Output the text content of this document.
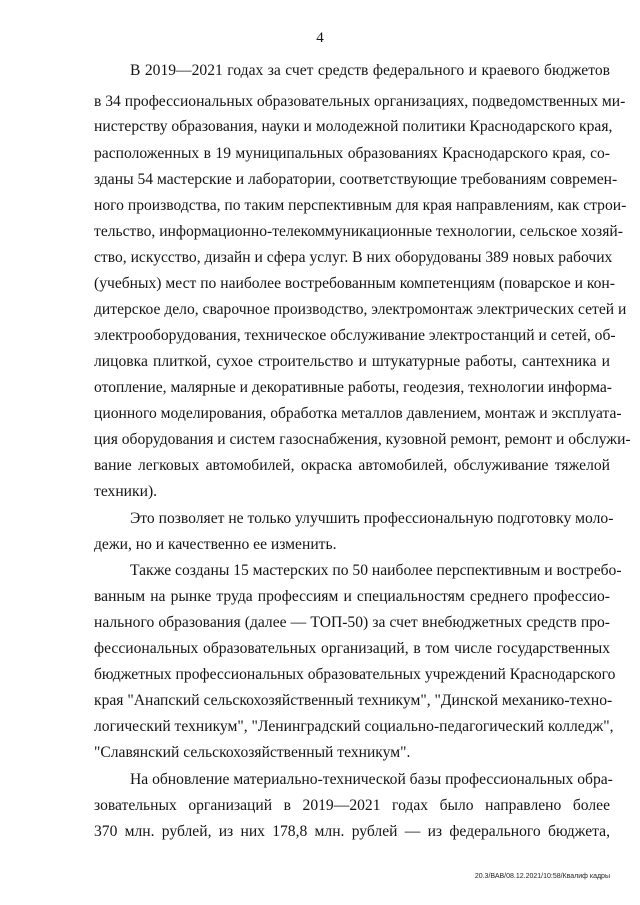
4
В 2019—2021 годах за счет средств федерального и краевого бюджетов
в 34 профессиональных образовательных организациях, подведомственных ми-
нистерству образования, науки и молодежной политики Краснодарского края,
расположенных в 19 муниципальных образованиях Краснодарского края, со-
зданы 54 мастерские и лаборатории, соответствующие требованиям современ-
ного производства, по таким перспективным для края направлениям, как строи-
тельство, информационно-телекоммуникационные технологии, сельское хозяй-
ство, искусство, дизайн и сфера услуг. В них оборудованы 389 новых рабочих
(учебных) мест по наиболее востребованным компетенциям (поварское и кон-
дитерское дело, сварочное производство, электромонтаж электрических сетей и
электрооборудования, техническое обслуживание электростанций и сетей, об-
лицовка плиткой, сухое строительство и штукатурные работы, сантехника и
отопление, малярные и декоративные работы, геодезия, технологии информа-
ционного моделирования, обработка металлов давлением, монтаж и эксплуата-
ция оборудования и систем газоснабжения, кузовной ремонт, ремонт и обслужи-
вание легковых автомобилей, окраска автомобилей, обслуживание тяжелой
техники).
Это позволяет не только улучшить профессиональную подготовку моло-
дежи, но и качественно ее изменить.
Также созданы 15 мастерских по 50 наиболее перспективным и востребо-
ванным на рынке труда профессиям и специальностям среднего профессио-
нального образования (далее — ТОП-50) за счет внебюджетных средств про-
фессиональных образовательных организаций, в том числе государственных
бюджетных профессиональных образовательных учреждений Краснодарского
края "Анапский сельскохозяйственный техникум", "Динской механико-техно-
логический техникум", "Ленинградский социально-педагогический колледж",
"Славянский сельскохозяйственный техникум".
На обновление материально-технической базы профессиональных обра-
зовательных организаций в 2019—2021 годах было направлено более
370 млн. рублей, из них 178,8 млн. рублей — из федерального бюджета,
20.3/ВАВ/08.12.2021/10:58/Квалиф кадры
